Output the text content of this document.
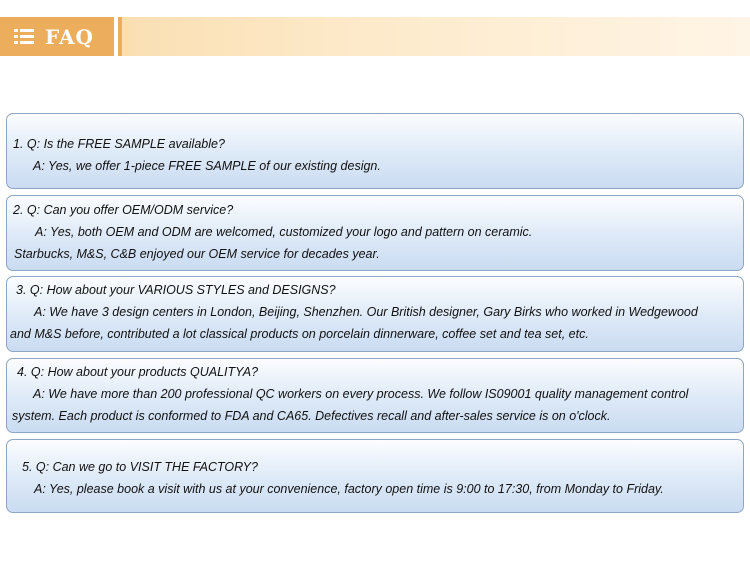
FAQ
1. Q: Is the FREE SAMPLE available?
A: Yes, we offer 1-piece FREE SAMPLE of our existing design.
2. Q: Can you offer OEM/ODM service?
A: Yes, both OEM and ODM are welcomed, customized your logo and pattern on ceramic.
Starbucks, M&S, C&B enjoyed our OEM service for decades year.
3. Q: How about your VARIOUS STYLES and DESIGNS?
A: We have 3 design centers in London, Beijing, Shenzhen. Our British designer, Gary Birks who worked in Wedgewood
and M&S before, contributed a lot classical products on porcelain dinnerware, coffee set and tea set, etc.
4. Q: How about your products QUALITYA?
A: We have more than 200 professional QC workers on every process. We follow IS09001 quality management control
system. Each product is conformed to FDA and CA65. Defectives recall and after-sales service is on o'clock.
5. Q: Can we go to VISIT THE FACTORY?
A: Yes, please book a visit with us at your convenience, factory open time is 9:00 to 17:30, from Monday to Friday.
